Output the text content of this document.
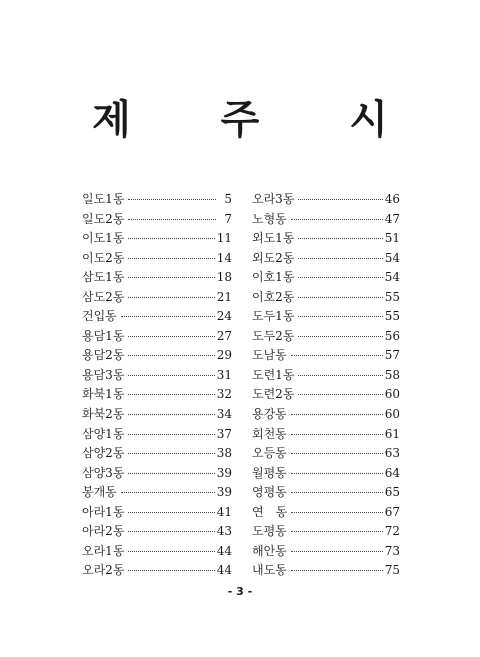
제 주 시
일도1동	5
일도2동	7
이도1동	11
이도2동	14
삼도1동	18
삼도2동	21
건입동	24
용담1동	27
용담2동	29
용담3동	31
화북1동	32
화북2동	34
삼양1동	37
삼양2동	38
삼양3동	39
봉개동	39
아라1동	41
아라2동	43
오라1동	44
오라2동	44
오라3동	46
노형동	47
외도1동	51
외도2동	54
이호1동	54
이호2동	55
도두1동	55
도두2동	56
도남동	57
도련1동	58
도련2동	60
용강동	60
회천동	61
오등동	63
월평동	64
영평동	65
연　동	67
도평동	72
해안동	73
내도동	75
- 3 -
